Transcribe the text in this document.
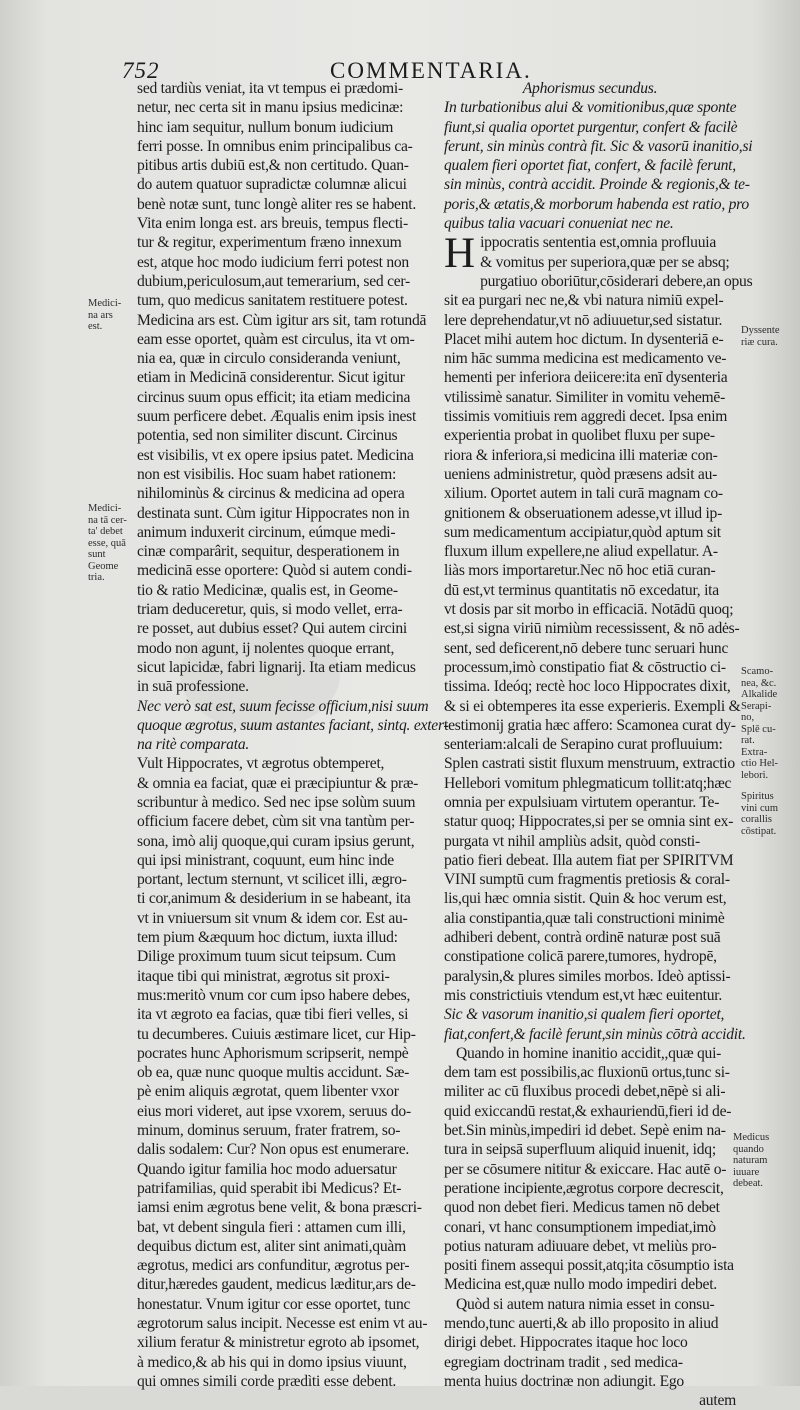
752	COMMENTARIA.
sed tardiùs veniat, ita vt tempus ei prædomi-
netur, nec certa sit in manu ipsius medicinæ:
hinc iam sequitur, nullum bonum iudicium
ferri posse. In omnibus enim principalibus ca-
pitibus artis dubiū est,& non certitudo. Quan-
do autem quatuor supradictæ columnæ alicui
benè notæ sunt, tunc longè aliter res se habent.
Vita enim longa est. ars breuis, tempus flecti-
tur & regitur, experimentum fræno innexum
est, atque hoc modo iudicium ferri potest non
dubium,periculosum,aut temerarium, sed cer-
tum, quo medicus sanitatem restituere potest.
Medicina ars est. Cùm igitur ars sit, tam rotundā
eam esse oportet, quàm est circulus, ita vt om-
nia ea, quæ in circulo consideranda veniunt,
etiam in Medicinā considerentur. Sicut igitur
circinus suum opus efficit; ita etiam medicina
suum perficere debet. Æqualis enim ipsis inest
potentia, sed non similiter discunt. Circinus
est visibilis, vt ex opere ipsius patet. Medicina
non est visibilis. Hoc suam habet rationem:
nihilominùs & circinus & medicina ad opera
destinata sunt. Cùm igitur Hippocrates non in
animum induxerit circinum, eúmque medi-
cinæ comparârit, sequitur, desperationem in
medicinā esse oportere: Quòd si autem condi-
tio & ratio Medicinæ, qualis est, in Geome-
triam deduceretur, quis, si modo vellet, erra-
re posset, aut dubius esset? Qui autem circini
modo non agunt, ij nolentes quoque errant,
sicut lapicidæ, fabri lignarij. Ita etiam medicus
in suā professione.
Nec verò sat est, suum fecisse officium,nisi suum
quoque ægrotus, suum astantes faciant, sintq. exter-
na ritè comparata.
Vult Hippocrates, vt ægrotus obtemperet,
& omnia ea faciat, quæ ei præcipiuntur & præ-
scribuntur à medico. Sed nec ipse solùm suum
officium facere debet, cùm sit vna tantùm per-
sona, imò alij quoque,qui curam ipsius gerunt,
qui ipsi ministrant, coquunt, eum hinc inde
portant, lectum sternunt, vt scilicet illi, ægro-
ti cor,animum & desiderium in se habeant, ita
vt in vniuersum sit vnum & idem cor. Est au-
tem pium &æquum hoc dictum, iuxta illud:
Dilige proximum tuum sicut teipsum. Cum
itaque tibi qui ministrat, ægrotus sit proxi-
mus:meritò vnum cor cum ipso habere debes,
ita vt ægroto ea facias, quæ tibi fieri velles, si
tu decumberes. Cuiuis æstimare licet, cur Hip-
pocrates hunc Aphorismum scripserit, nempè
ob ea, quæ nunc quoque multis accidunt. Sæ-
pè enim aliquis ægrotat, quem libenter vxor
eius mori videret, aut ipse vxorem, seruus do-
minum, dominus seruum, frater fratrem, so-
dalis sodalem: Cur? Non opus est enumerare.
Quando igitur familia hoc modo aduersatur
patrifamilias, quid sperabit ibi Medicus? Et-
iamsi enim ægrotus bene velit, & bona præscri-
bat, vt debent singula fieri : attamen cum illi,
dequibus dictum est, aliter sint animati,quàm
ægrotus, medici ars confunditur, ægrotus per-
ditur,hæredes gaudent, medicus læditur,ars de-
honestatur. Vnum igitur cor esse oportet, tunc
ægrotorum salus incipit. Necesse est enim vt au-
xilium feratur & ministretur egroto ab ipsomet,
à medico,& ab his qui in domo ipsius viuunt,
qui omnes simili corde prædìti esse debent.
Aphorismus secundus.
In turbationibus alui & vomitionibus,quæ sponte
fiunt,si qualia oportet purgentur, confert & facilè
ferunt, sin minùs contrà fit. Sic & vasorū inanitio,si
qualem fieri oportet fiat, confert, & facilè ferunt,
sin minùs, contrà accidit. Proinde & regionis,& te-
poris,& ætatis,& morborum habenda est ratio, pro
quibus talia vacuari conueniat nec ne.
H ippocratis sententia est,omnia profluuia
& vomitus per superiora,quæ per se absq;
purgatiuo oboriūtur,cōsiderari debere,an opus
sit ea purgari nec ne,& vbi natura nimiū expel-
lere deprehendatur,vt nō adiuuetur,sed sistatur.
Placet mihi autem hoc dictum. In dysenteriā e-
nim hāc summa medicina est medicamento ve-
hementi per inferiora deiicere:ita enī dysenteria
vtilissimè sanatur. Similiter in vomitu vehemē-
tissimis vomitiuis rem aggredi decet. Ipsa enim
experientia probat in quolibet fluxu per supe-
riora & inferiora,si medicina illi materiæ con-
ueniens administretur, quòd præsens adsit au-
xilium. Oportet autem in tali curā magnam co-
gnitionem & obseruationem adesse,vt illud ip-
sum medicamentum accipiatur,quòd aptum sit
fluxum illum expellere,ne aliud expellatur. A-
liàs mors importaretur.Nec nō hoc etiā curan-
dū est,vt terminus quantitatis nō excedatur, ita
vt dosis par sit morbo in efficaciā. Notādū quoq;
est,si signa viriū nimiùm recessissent, & nō adės-
sent, sed deficerent,nō debere tunc seruari hunc
processum,imò constipatio fiat & cōstructio ci-
tissima. Ideóq; rectè hoc loco Hippocrates dixit,
& si ei obtemperes ita esse experieris. Exempli &
testimonij gratia hæc affero: Scamonea curat dy-
senteriam:alcali de Serapino curat profluuium:
Splen castrati sistit fluxum menstruum, extractio
Hellebori vomitum phlegmaticum tollit:atq;hæc
omnia per expulsiuam virtutem operantur. Te-
statur quoq; Hippocrates,si per se omnia sint ex-
purgata vt nihil ampliùs adsit, quòd consti-
patio fieri debeat. Illa autem fiat per SPIRITVM
VINI sumptū cum fragmentis pretiosis & coral-
lis,qui hæc omnia sistit. Quin & hoc verum est,
alia constipantia,quæ tali constructioni minimè
adhiberi debent, contrà ordinē naturæ post suā
constipatione colicā parere,tumores, hydropē,
paralysin,& plures similes morbos. Ideò aptissi-
mis constrictiuis vtendum est,vt hæc euitentur.
Sic & vasorum inanitio,si qualem fieri oportet,
fiat,confert,& facilè ferunt,sin minùs cōtrà accidit.
Quando in homine inanitio accidit,,quæ qui-
dem tam est possibilis,ac fluxionū ortus,tunc si-
militer ac cū fluxibus procedi debet,nēpè si ali-
quid exiccandū restat,& exhauriendū,fieri id de-
bet.Sin minùs,impediri id debet. Sepè enim na-
tura in seipsā superfluum aliquid inuenit, idq;
per se cōsumere nititur & exiccare. Hac autē o-
peratione incipiente,ægrotus corpore decrescit,
quod non debet fieri. Medicus tamen nō debet
conari, vt hanc consumptionem impediat,imò
potius naturam adiuuare debet, vt meliùs pro-
positi finem assequi possit,atq;ita cōsumptio ista
Medicina est,quæ nullo modo impediri debet.
Quòd si autem natura nimia esset in consu-
mendo,tunc auerti,& ab illo proposito in aliud
dirigi debet. Hippocrates itaque hoc loco
egregiam doctrinam tradit , sed medica-
menta huius doctrinæ non adiungit. Ego
autem
Medici-
na ars
est.
Medici-
na tā cer-
ta' debet
esse, quā
sunt
Geome
tria.
Dyssente
riæ cura.
Scamo-
nea, &c.
Alkalide
Serapi-
no,
Splē cu-
rat.
Extra-
ctio Hel-
lebori.
Spiritus
vini cum
corallis
cōstipat.
Medicus
quando
naturam
iuuare
debeat.
